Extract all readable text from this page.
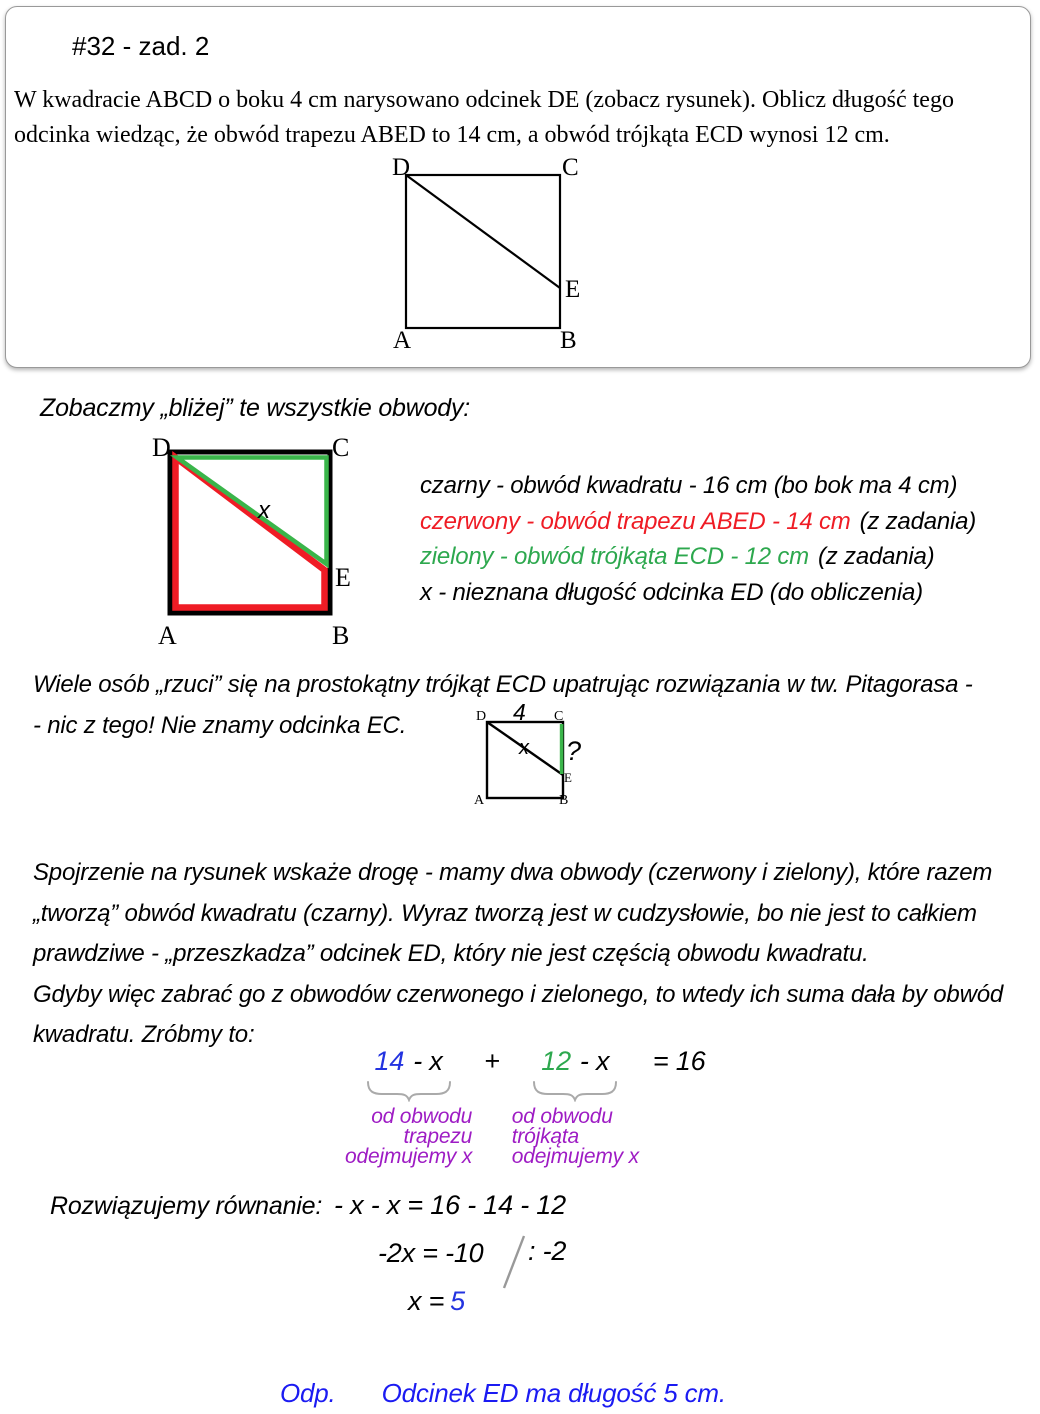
#32 - zad. 2
W kwadracie ABCD o boku 4 cm narysowano odcinek DE (zobacz rysunek). Oblicz długość tego
odcinka wiedząc, że obwód trapezu ABED to 14 cm, a obwód trójkąta ECD wynosi 12 cm.
D	C
E
A	B
Zobaczmy „bliżej” te wszystkie obwody:
D	C
A	B
E
x
czarny - obwód kwadratu - 16 cm (bo bok ma 4 cm)
czerwony - obwód trapezu ABED - 14 cm (z zadania)
zielony - obwód trójkąta ECD - 12 cm (z zadania)
x - nieznana długość odcinka ED (do obliczenia)
Wiele osób „rzuci” się na prostokątny trójkąt ECD upatrując rozwiązania w tw. Pitagorasa -
- nic z tego! Nie znamy odcinka EC.	4
D	C
A	B
E
x ?
Spojrzenie na rysunek wskaże drogę - mamy dwa obwody (czerwony i zielony), które razem
„tworzą” obwód kwadratu (czarny). Wyraz tworzą jest w cudzysłowie, bo nie jest to całkiem
prawdziwe - „przeszkadza” odcinek ED, który nie jest częścią obwodu kwadratu.
Gdyby więc zabrać go z obwodów czerwonego i zielonego, to wtedy ich suma dała by obwód
kwadratu. Zróbmy to:
14 - x
od obwodu
trapezu
odejmujemy x
+ 12 - x
od obwodu
trójkąta
odejmujemy x
= 16
Rozwiązujemy równanie: - x - x = 16 - 14 - 12
-2x = -10 : -2
x = 5
Odp. Odcinek ED ma długość 5 cm.
